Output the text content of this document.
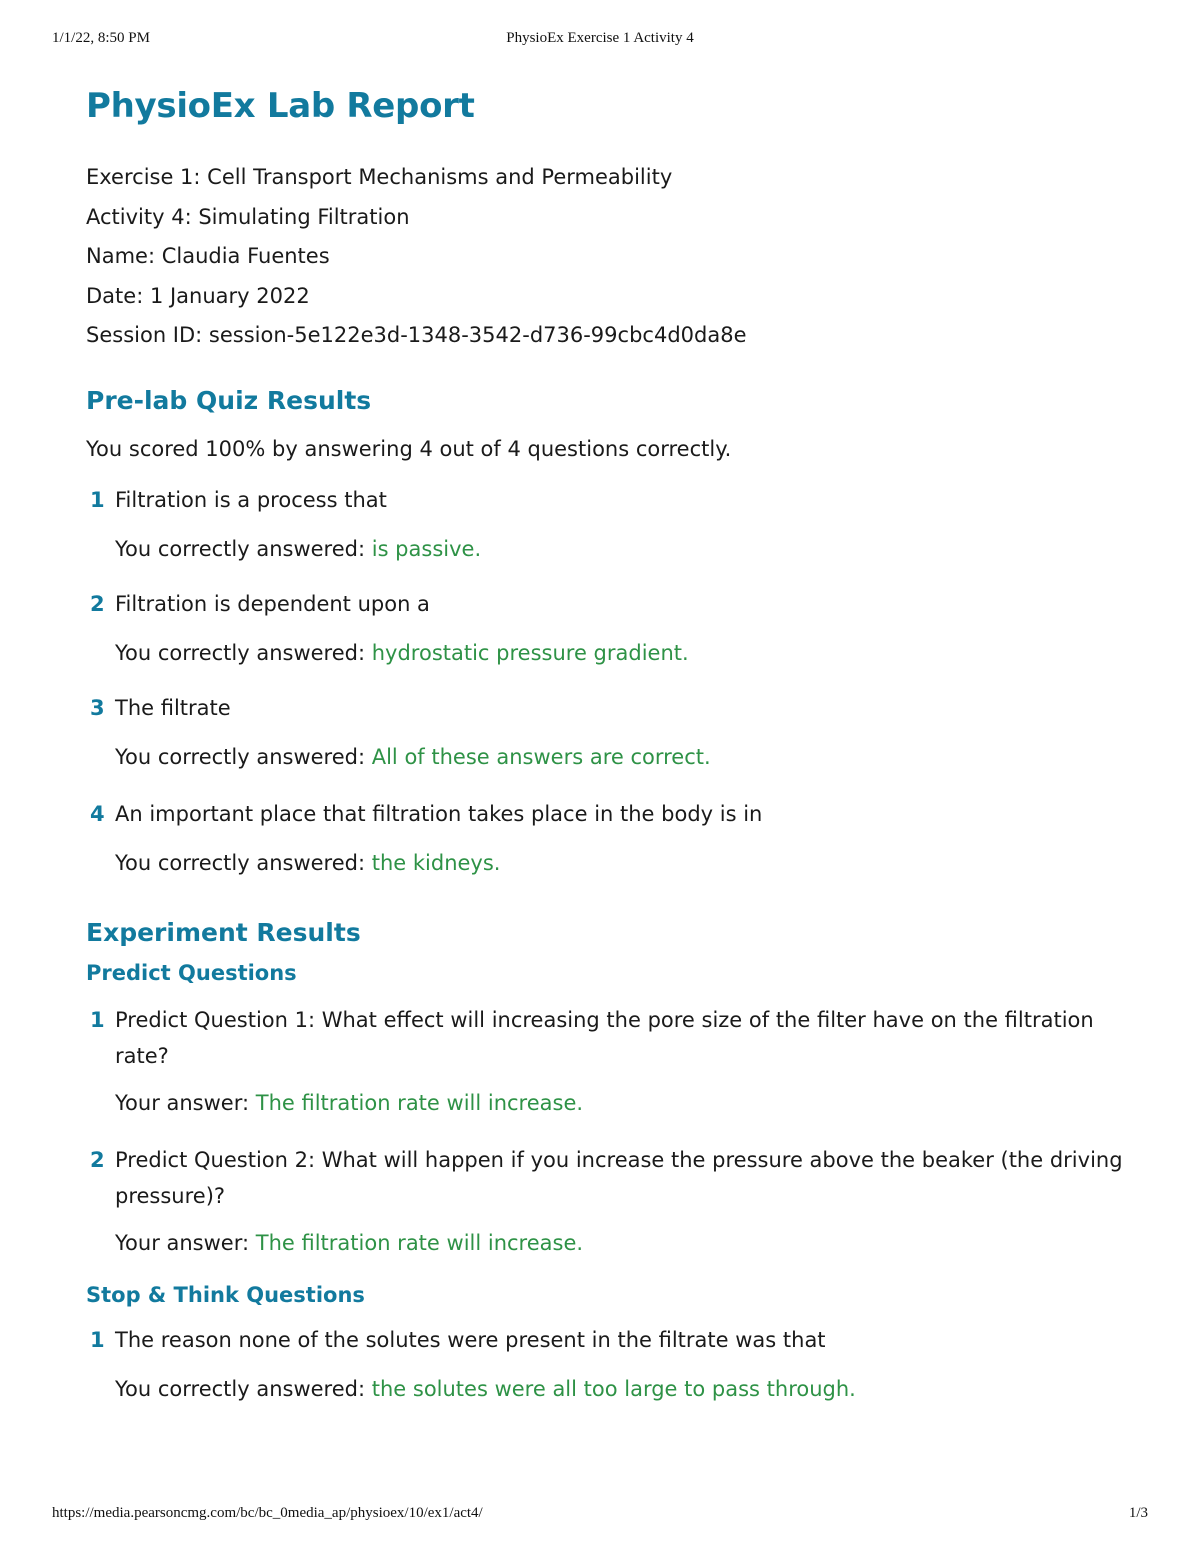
1/1/22, 8:50 PM	PhysioEx Exercise 1 Activity 4
PhysioEx Lab Report
Exercise 1: Cell Transport Mechanisms and Permeability
Activity 4: Simulating Filtration
Name: Claudia Fuentes
Date: 1 January 2022
Session ID: session-5e122e3d-1348-3542-d736-99cbc4d0da8e
Pre-lab Quiz Results
You scored 100% by answering 4 out of 4 questions correctly.
1 Filtration is a process that
You correctly answered: is passive.
2 Filtration is dependent upon a
You correctly answered: hydrostatic pressure gradient.
3 The filtrate
You correctly answered: All of these answers are correct.
4 An important place that filtration takes place in the body is in
You correctly answered: the kidneys.
Experiment Results
Predict Questions
1 Predict Question 1: What effect will increasing the pore size of the filter have on the filtration rate?
Your answer: The filtration rate will increase.
2 Predict Question 2: What will happen if you increase the pressure above the beaker (the driving pressure)?
Your answer: The filtration rate will increase.
Stop & Think Questions
1 The reason none of the solutes were present in the filtrate was that
You correctly answered: the solutes were all too large to pass through.
https://media.pearsoncmg.com/bc/bc_0media_ap/physioex/10/ex1/act4/	1/3
